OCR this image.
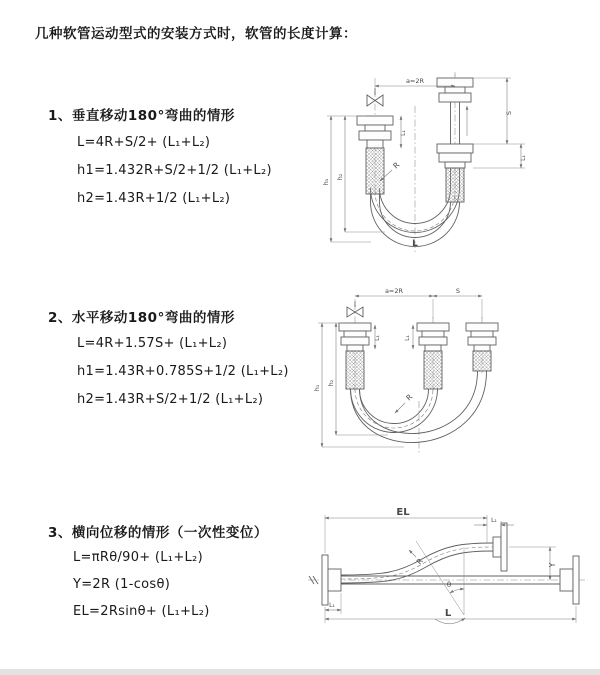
几种软管运动型式的安装方式时，软管的长度计算：
1、垂直移动180°弯曲的情形
L=4R+S/2+ (L₁+L₂)
h1=1.432R+S/2+1/2 (L₁+L₂)
h2=1.43R+1/2 (L₁+L₂)
2、水平移动180°弯曲的情形
L=4R+1.57S+ (L₁+L₂)
h1=1.43R+0.785S+1/2 (L₁+L₂)
h2=1.43R+S/2+1/2 (L₁+L₂)
3、横向位移的情形（一次性变位）
L=πRθ/90+ (L₁+L₂)
Y=2R (1-cosθ)
EL=2Rsinθ+ (L₁+L₂)
a=2R
S
L₁
L₁
h₁
h₂
R
L
a=2R	S
L₁	L₁
h₁
h₂
R
EL
L₁
Y
R
θ
L₁
L
